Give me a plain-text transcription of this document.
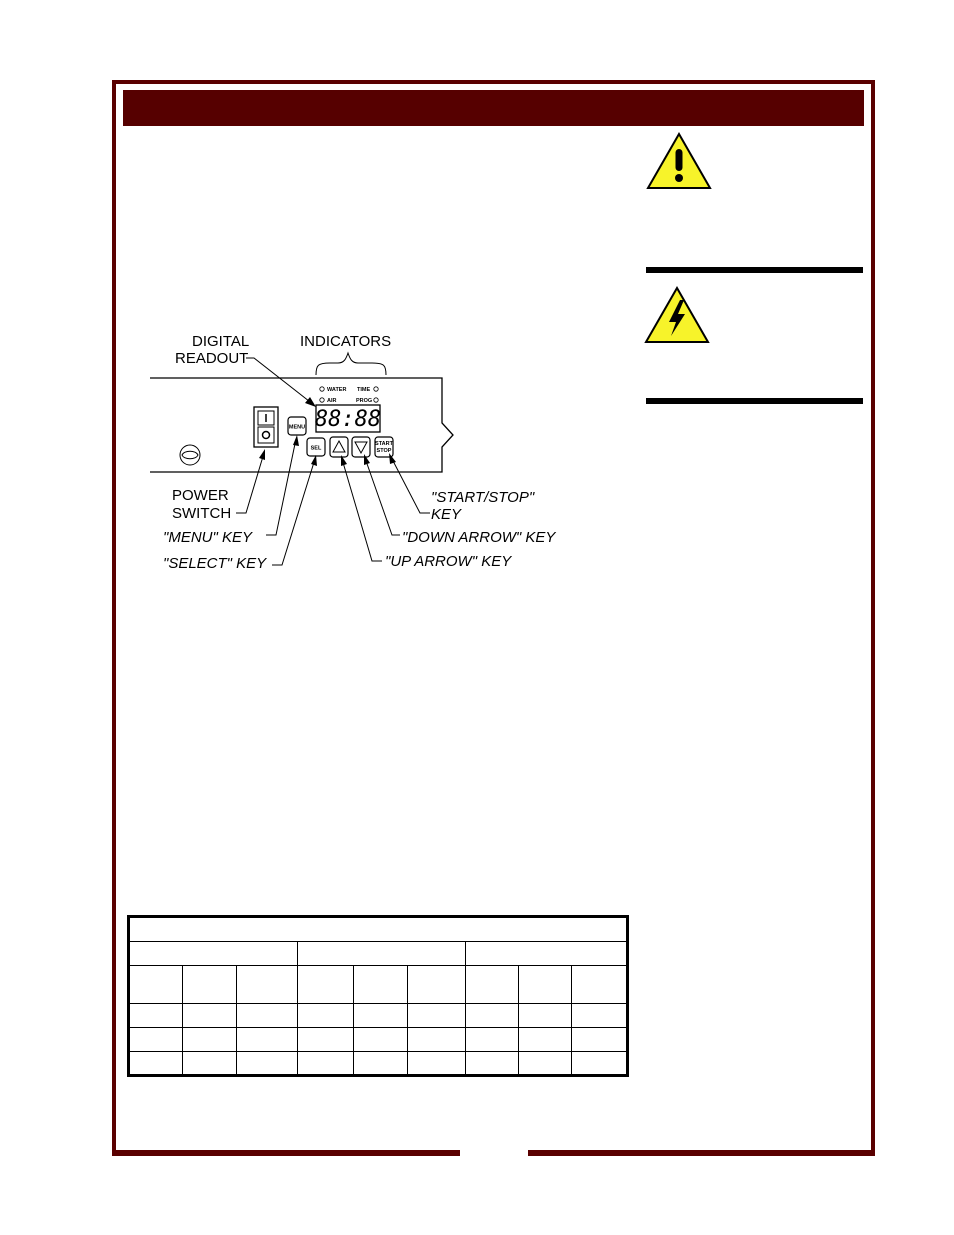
DIGITAL
READOUT
INDICATORS
MENU
WATER TIME
AIR	PROG
88:88
SEL
START
STOP
POWER
SWITCH
"MENU" KEY
"SELECT" KEY
"START/STOP"
KEY
"DOWN ARROW" KEY
"UP ARROW" KEY
